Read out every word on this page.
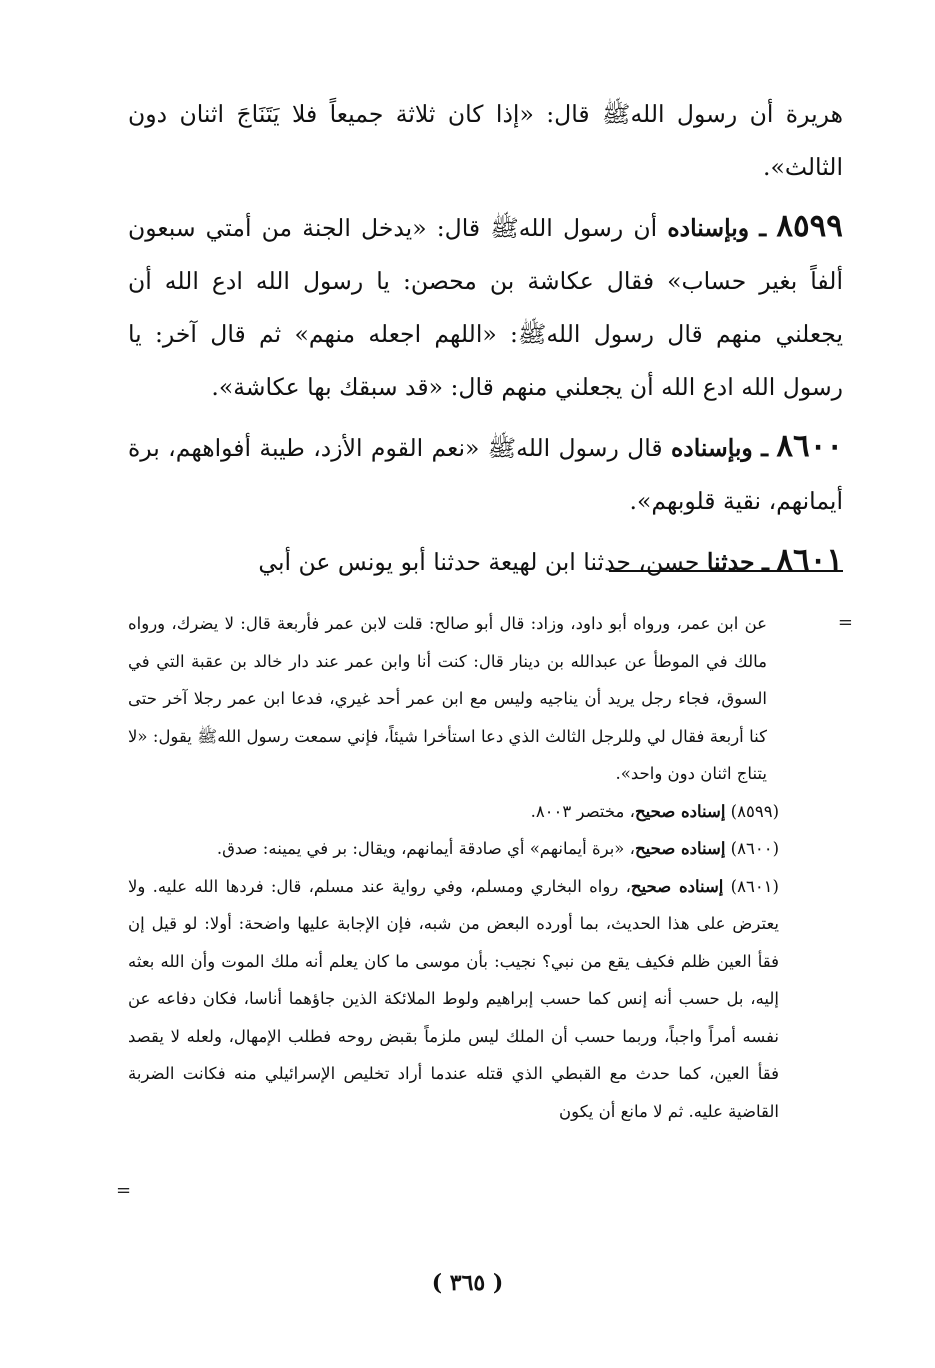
هريرة أن رسول اللهﷺ قال: «إذا كان ثلاثة جميعاً فلا يَتَنَاجَ اثنان دون الثالث».

٨٥٩٩ ـ وبإسناده أن رسول اللهﷺ قال: «يدخل الجنة من أمتي سبعون ألفاً بغير حساب» فقال عكاشة بن محصن: يا رسول الله ادع الله أن يجعلني منهم قال رسول اللهﷺ: «اللهم اجعله منهم» ثم قال آخر: يا رسول الله ادع الله أن يجعلني منهم قال: «قد سبقك بها عكاشة».

٨٦٠٠ ـ وبإسناده قال رسول اللهﷺ «نعم القوم الأزد، طيبة أفواههم، برة أيمانهم، نقية قلوبهم».

٨٦٠١ ـ حدثنا حسن، حدثنا ابن لهيعة حدثنا أبو يونس عن أبي

=

عن ابن عمر، ورواه أبو داود، وزاد: قال أبو صالح: قلت لابن عمر فأربعة قال: لا يضرك، ورواه مالك في الموطأ عن عبدالله بن دينار قال: كنت أنا وابن عمر عند دار خالد بن عقبة التي في السوق، فجاء رجل يريد أن يناجيه وليس مع ابن عمر أحد غيري، فدعا ابن عمر رجلا آخر حتى كنا أربعة فقال لي وللرجل الثالث الذي دعا استأخرا شيئاً، فإني سمعت رسول اللهﷺ يقول: «لا يتناج اثنان دون واحد».

(٨٥٩٩) إسناده صحيح، مختصر ٨٠٠٣.

(٨٦٠٠) إسناده صحيح، «برة أيمانهم» أي صادقة أيمانهم، ويقال: بر في يمينه: صدق.

(٨٦٠١) إسناده صحيح، رواه البخاري ومسلم، وفي رواية عند مسلم، قال: فردها الله عليه. ولا يعترض على هذا الحديث، بما أورده البعض من شبه، فإن الإجابة عليها واضحة: أولا: لو قيل إن فقأ العين ظلم فكيف يقع من نبي؟ نجيب: بأن موسى ما كان يعلم أنه ملك الموت وأن الله بعثه إليه، بل حسب أنه إنس كما حسب إبراهيم ولوط الملائكة الذين جاؤهما أناسا، فكان دفاعه عن نفسه أمراً واجباً، وربما حسب أن الملك ليس ملزماً بقبض روحه فطلب الإمهال، ولعله لا يقصد فقأ العين، كما حدث مع القبطي الذي قتله عندما أراد تخليص الإسرائيلي منه فكانت الضربة القاضية عليه. ثم لا مانع أن يكون

=
( ٣٦٥ )
